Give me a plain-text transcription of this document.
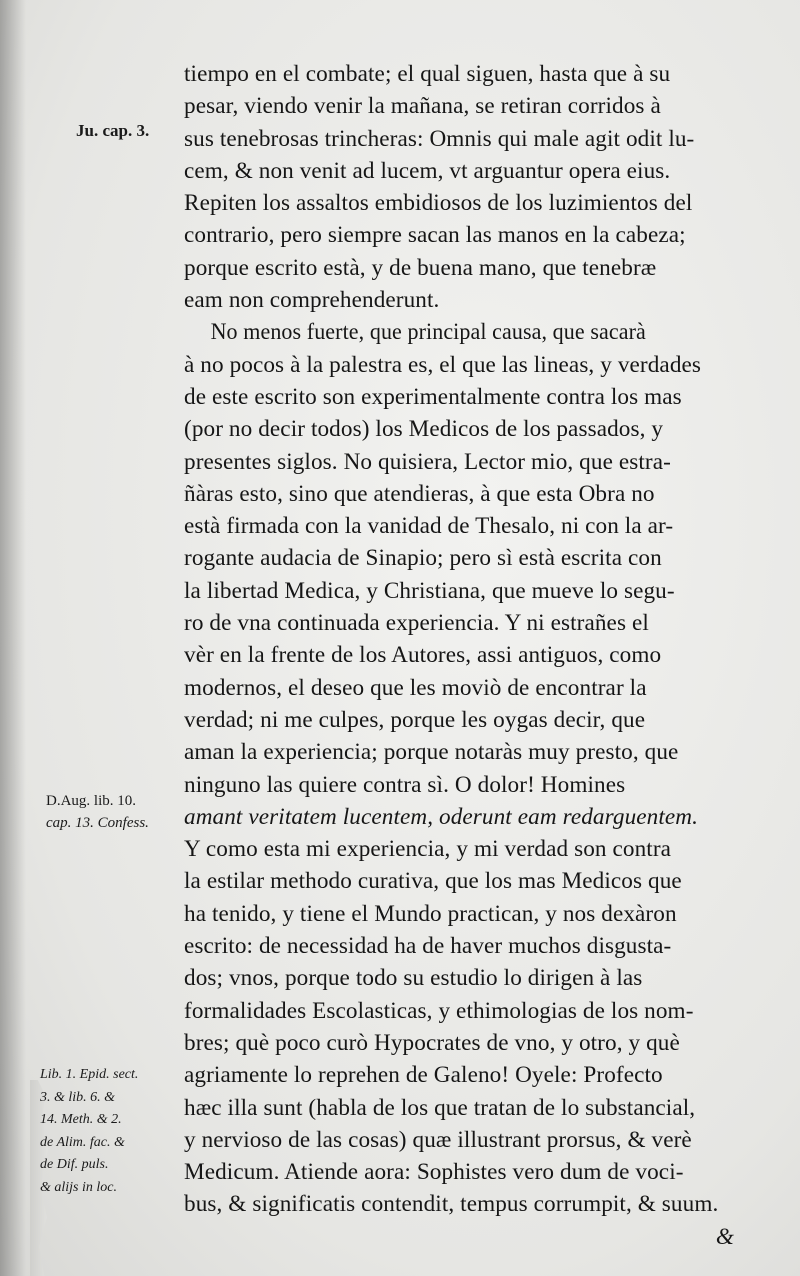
Ju. cap. 3.
D.Aug. lib. 10.
cap. 13. Confess.
Lib. 1. Epid. sect.
3. & lib. 6. &
14. Meth. & 2.
de Alim. fac. &
de Dif. puls.
& alijs in loc.
tiempo en el combate; el qual siguen, hasta que à su
pesar, viendo venir la mañana, se retiran corridos à
sus tenebrosas trincheras: Omnis qui male agit odit lu-
cem, & non venit ad lucem, vt arguantur opera eius.
Repiten los assaltos embidiosos de los luzimientos del
contrario, pero siempre sacan las manos en la cabeza;
porque escrito està, y de buena mano, que tenebræ
eam non comprehenderunt.
No menos fuerte, que principal causa, que sacarà
à no pocos à la palestra es, el que las lineas, y verdades
de este escrito son experimentalmente contra los mas
(por no decir todos) los Medicos de los passados, y
presentes siglos. No quisiera, Lector mio, que estra-
ñàras esto, sino que atendieras, à que esta Obra no
està firmada con la vanidad de Thesalo, ni con la ar-
rogante audacia de Sinapio; pero sì està escrita con
la libertad Medica, y Christiana, que mueve lo segu-
ro de vna continuada experiencia. Y ni estrañes el
vèr en la frente de los Autores, assi antiguos, como
modernos, el deseo que les moviò de encontrar la
verdad; ni me culpes, porque les oygas decir, que
aman la experiencia; porque notaràs muy presto, que
ninguno las quiere contra sì. O dolor! Homines
amant veritatem lucentem, oderunt eam redarguentem.
Y como esta mi experiencia, y mi verdad son contra
la estilar methodo curativa, que los mas Medicos que
ha tenido, y tiene el Mundo practican, y nos dexàron
escrito: de necessidad ha de haver muchos disgusta-
dos; vnos, porque todo su estudio lo dirigen à las
formalidades Escolasticas, y ethimologias de los nom-
bres; què poco curò Hypocrates de vno, y otro, y què
agriamente lo reprehen de Galeno! Oyele: Profecto
hæc illa sunt (habla de los que tratan de lo substancial,
y nervioso de las cosas) quæ illustrant prorsus, & verè
Medicum. Atiende aora: Sophistes vero dum de voci-
bus, & significatis contendit, tempus corrumpit, & suum.
&
